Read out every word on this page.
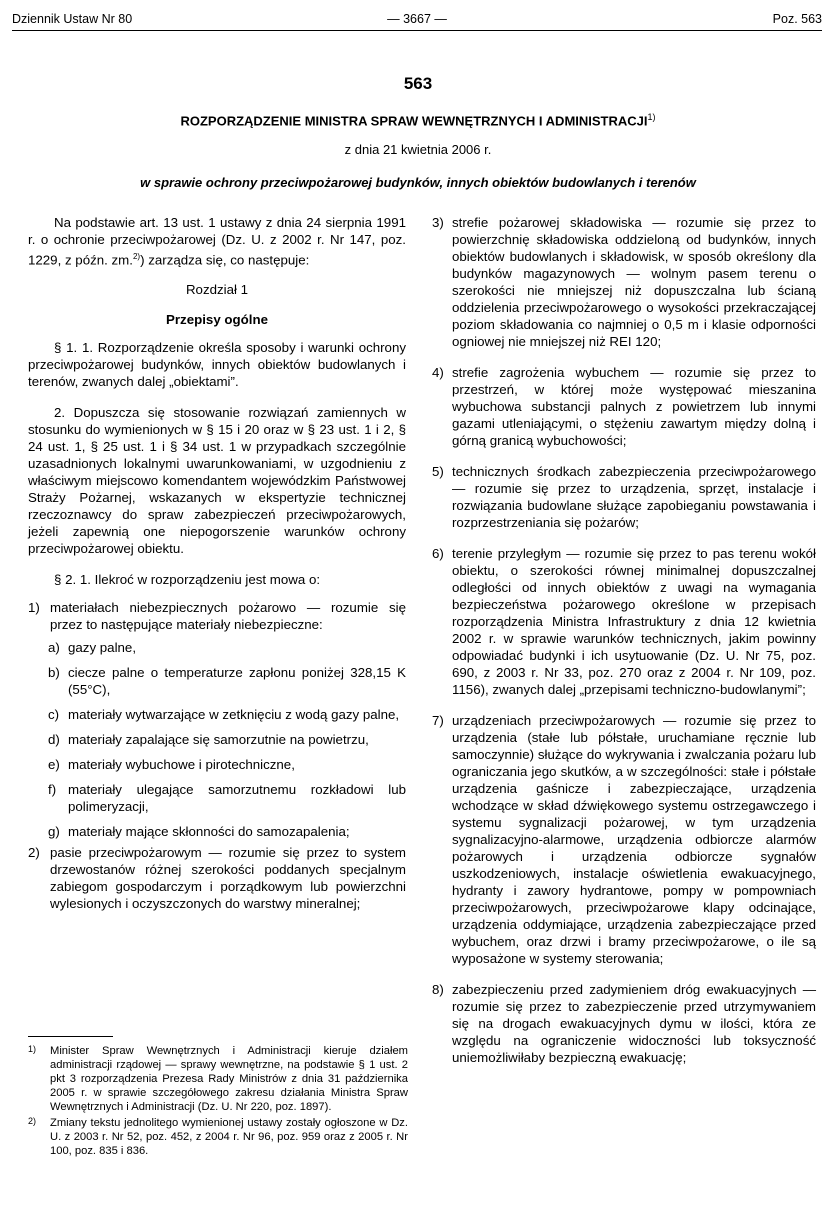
Dziennik Ustaw Nr 80	— 3667 —	Poz. 563
563
ROZPORZĄDZENIE MINISTRA SPRAW WEWNĘTRZNYCH I ADMINISTRACJI$^{1)}$
z dnia 21 kwietnia 2006 r.
w sprawie ochrony przeciwpożarowej budynków, innych obiektów budowlanych i terenów

Na podstawie art. 13 ust. 1 ustawy z dnia 24 sierpnia 1991 r. o ochronie przeciwpożarowej (Dz. U. z 2002 r. Nr 147, poz. 1229, z późn. zm.$^{2)}$) zarządza się, co następuje:

Rozdział 1

Przepisy ogólne

§ 1. 1. Rozporządzenie określa sposoby i warunki ochrony przeciwpożarowej budynków, innych obiektów budowlanych i terenów, zwanych dalej „obiektami”.

2. Dopuszcza się stosowanie rozwiązań zamiennych w stosunku do wymienionych w § 15 i 20 oraz w § 23 ust. 1 i 2, § 24 ust. 1, § 25 ust. 1 i § 34 ust. 1 w przypadkach szczególnie uzasadnionych lokalnymi uwarunkowaniami, w uzgodnieniu z właściwym miejscowo komendantem wojewódzkim Państwowej Straży Pożarnej, wskazanych w ekspertyzie technicznej rzeczoznawcy do spraw zabezpieczeń przeciwpożarowych, jeżeli zapewnią one niepogorszenie warunków ochrony przeciwpożarowej obiektu.

§ 2. 1. Ilekroć w rozporządzeniu jest mowa o:

1) materiałach niebezpiecznych pożarowo — rozumie się przez to następujące materiały niebezpieczne:
a) gazy palne,
b) ciecze palne o temperaturze zapłonu poniżej 328,15 K (55°C),
c) materiały wytwarzające w zetknięciu z wodą gazy palne,
d) materiały zapalające się samorzutnie na powietrzu,
e) materiały wybuchowe i pirotechniczne,
f) materiały ulegające samorzutnemu rozkładowi lub polimeryzacji,
g) materiały mające skłonności do samozapalenia;
2) pasie przeciwpożarowym — rozumie się przez to system drzewostanów różnej szerokości poddanych specjalnym zabiegom gospodarczym i porządkowym lub powierzchni wylesionych i oczyszczonych do warstwy mineralnej;
3) strefie pożarowej składowiska — rozumie się przez to powierzchnię składowiska oddzieloną od budynków, innych obiektów budowlanych i składowisk, w sposób określony dla budynków magazynowych — wolnym pasem terenu o szerokości nie mniejszej niż dopuszczalna lub ścianą oddzielenia przeciwpożarowego o wysokości przekraczającej poziom składowania co najmniej o 0,5 m i klasie odporności ogniowej nie mniejszej niż REI 120;
4) strefie zagrożenia wybuchem — rozumie się przez to przestrzeń, w której może występować mieszanina wybuchowa substancji palnych z powietrzem lub innymi gazami utleniającymi, o stężeniu zawartym między dolną i górną granicą wybuchowości;
5) technicznych środkach zabezpieczenia przeciwpożarowego — rozumie się przez to urządzenia, sprzęt, instalacje i rozwiązania budowlane służące zapobieganiu powstawania i rozprzestrzeniania się pożarów;
6) terenie przyległym — rozumie się przez to pas terenu wokół obiektu, o szerokości równej minimalnej dopuszczalnej odległości od innych obiektów z uwagi na wymagania bezpieczeństwa pożarowego określone w przepisach rozporządzenia Ministra Infrastruktury z dnia 12 kwietnia 2002 r. w sprawie warunków technicznych, jakim powinny odpowiadać budynki i ich usytuowanie (Dz. U. Nr 75, poz. 690, z 2003 r. Nr 33, poz. 270 oraz z 2004 r. Nr 109, poz. 1156), zwanych dalej „przepisami techniczno-budowlanymi”;
7) urządzeniach przeciwpożarowych — rozumie się przez to urządzenia (stałe lub półstałe, uruchamiane ręcznie lub samoczynnie) służące do wykrywania i zwalczania pożaru lub ograniczania jego skutków, a w szczególności: stałe i półstałe urządzenia gaśnicze i zabezpieczające, urządzenia wchodzące w skład dźwiękowego systemu ostrzegawczego i systemu sygnalizacji pożarowej, w tym urządzenia sygnalizacyjno-alarmowe, urządzenia odbiorcze alarmów pożarowych i urządzenia odbiorcze sygnałów uszkodzeniowych, instalacje oświetlenia ewakuacyjnego, hydranty i zawory hydrantowe, pompy w pompowniach przeciwpożarowych, przeciwpożarowe klapy odcinające, urządzenia oddymiające, urządzenia zabezpieczające przed wybuchem, oraz drzwi i bramy przeciwpożarowe, o ile są wyposażone w systemy sterowania;
8) zabezpieczeniu przed zadymieniem dróg ewakuacyjnych — rozumie się przez to zabezpieczenie przed utrzymywaniem się na drogach ewakuacyjnych dymu w ilości, która ze względu na ograniczenie widoczności lub toksyczność uniemożliwiłaby bezpieczną ewakuację;
1) Minister Spraw Wewnętrznych i Administracji kieruje działem administracji rządowej — sprawy wewnętrzne, na podstawie § 1 ust. 2 pkt 3 rozporządzenia Prezesa Rady Ministrów z dnia 31 października 2005 r. w sprawie szczegółowego zakresu działania Ministra Spraw Wewnętrznych i Administracji (Dz. U. Nr 220, poz. 1897).
2) Zmiany tekstu jednolitego wymienionej ustawy zostały ogłoszone w Dz. U. z 2003 r. Nr 52, poz. 452, z 2004 r. Nr 96, poz. 959 oraz z 2005 r. Nr 100, poz. 835 i 836.
